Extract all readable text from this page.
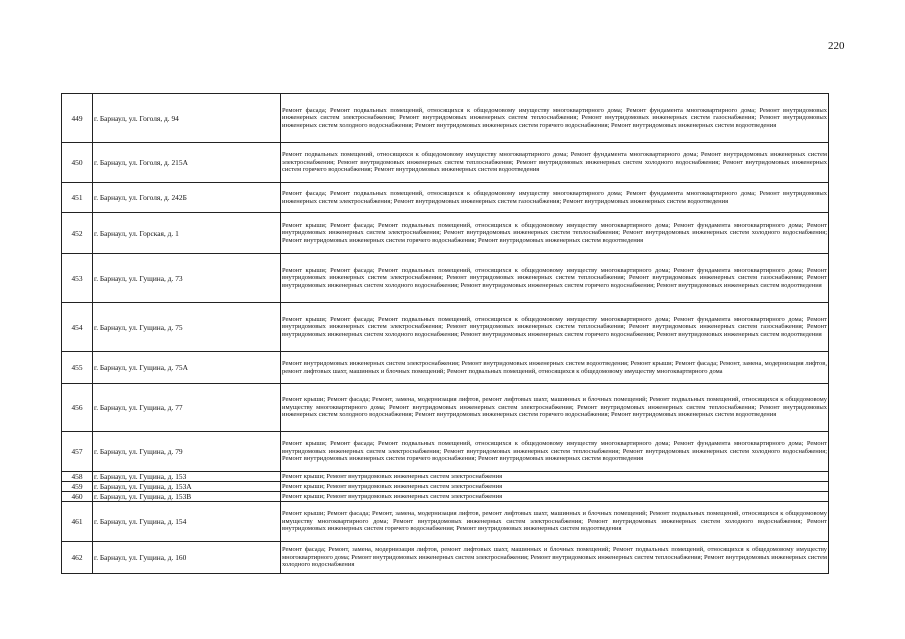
220
449	г. Барнаул, ул. Гоголя, д. 94	Ремонт фасада; Ремонт подвальных помещений, относящихся к общедомовому имуществу многоквартирного дома; Ремонт фундамента многоквартирного дома; Ремонт внутридомовых инженерных систем электроснабжения; Ремонт внутридомовых инженерных систем теплоснабжения; Ремонт внутридомовых инженерных систем газоснабжения; Ремонт внутридомовых инженерных систем холодного водоснабжения; Ремонт внутридомовых инженерных систем горячего водоснабжения; Ремонт внутридомовых инженерных систем водоотведения
450	г. Барнаул, ул. Гоголя, д. 215А	Ремонт подвальных помещений, относящихся к общедомовому имуществу многоквартирного дома; Ремонт фундамента многоквартирного дома; Ремонт внутридомовых инженерных систем электроснабжения; Ремонт внутридомовых инженерных систем теплоснабжения; Ремонт внутридомовых инженерных систем холодного водоснабжения; Ремонт внутридомовых инженерных систем горячего водоснабжения; Ремонт внутридомовых инженерных систем водоотведения
451	г. Барнаул, ул. Гоголя, д. 242Б	Ремонт фасада; Ремонт подвальных помещений, относящихся к общедомовому имуществу многоквартирного дома; Ремонт фундамента многоквартирного дома; Ремонт внутридомовых инженерных систем электроснабжения; Ремонт внутридомовых инженерных систем газоснабжения; Ремонт внутридомовых инженерных систем водоотведения
452	г. Барнаул, ул. Горская, д. 1	Ремонт крыши; Ремонт фасада; Ремонт подвальных помещений, относящихся к общедомовому имуществу многоквартирного дома; Ремонт фундамента многоквартирного дома; Ремонт внутридомовых инженерных систем электроснабжения; Ремонт внутридомовых инженерных систем теплоснабжения; Ремонт внутридомовых инженерных систем холодного водоснабжения; Ремонт внутридомовых инженерных систем горячего водоснабжения; Ремонт внутридомовых инженерных систем водоотведения
453	г. Барнаул, ул. Гущина, д. 73	Ремонт крыши; Ремонт фасада; Ремонт подвальных помещений, относящихся к общедомовому имуществу многоквартирного дома; Ремонт фундамента многоквартирного дома; Ремонт внутридомовых инженерных систем электроснабжения; Ремонт внутридомовых инженерных систем теплоснабжения; Ремонт внутридомовых инженерных систем газоснабжения; Ремонт внутридомовых инженерных систем холодного водоснабжения; Ремонт внутридомовых инженерных систем горячего водоснабжения; Ремонт внутридомовых инженерных систем водоотведения
454	г. Барнаул, ул. Гущина, д. 75	Ремонт крыши; Ремонт фасада; Ремонт подвальных помещений, относящихся к общедомовому имуществу многоквартирного дома; Ремонт фундамента многоквартирного дома; Ремонт внутридомовых инженерных систем электроснабжения; Ремонт внутридомовых инженерных систем теплоснабжения; Ремонт внутридомовых инженерных систем газоснабжения; Ремонт внутридомовых инженерных систем холодного водоснабжения; Ремонт внутридомовых инженерных систем горячего водоснабжения; Ремонт внутридомовых инженерных систем водоотведения
455	г. Барнаул, ул. Гущина, д. 75А	Ремонт внутридомовых инженерных систем электроснабжения; Ремонт внутридомовых инженерных систем водоотведения; Ремонт крыши; Ремонт фасада; Ремонт, замена, модернизация лифтов, ремонт лифтовых шахт, машинных и блочных помещений; Ремонт подвальных помещений, относящихся к общедомовому имуществу многоквартирного дома
456	г. Барнаул, ул. Гущина, д. 77	Ремонт крыши; Ремонт фасада; Ремонт, замена, модернизация лифтов, ремонт лифтовых шахт, машинных и блочных помещений; Ремонт подвальных помещений, относящихся к общедомовому имуществу многоквартирного дома; Ремонт внутридомовых инженерных систем электроснабжения; Ремонт внутридомовых инженерных систем теплоснабжения; Ремонт внутридомовых инженерных систем холодного водоснабжения; Ремонт внутридомовых инженерных систем горячего водоснабжения; Ремонт внутридомовых инженерных систем водоотведения
457	г. Барнаул, ул. Гущина, д. 79	Ремонт крыши; Ремонт фасада; Ремонт подвальных помещений, относящихся к общедомовому имуществу многоквартирного дома; Ремонт фундамента многоквартирного дома; Ремонт внутридомовых инженерных систем электроснабжения; Ремонт внутридомовых инженерных систем теплоснабжения; Ремонт внутридомовых инженерных систем холодного водоснабжения; Ремонт внутридомовых инженерных систем горячего водоснабжения; Ремонт внутридомовых инженерных систем водоотведения
458	г. Барнаул, ул. Гущина, д. 153	Ремонт крыши; Ремонт внутридомовых инженерных систем электроснабжения
459	г. Барнаул, ул. Гущина, д. 153А	Ремонт крыши; Ремонт внутридомовых инженерных систем электроснабжения
460	г. Барнаул, ул. Гущина, д. 153В	Ремонт крыши; Ремонт внутридомовых инженерных систем электроснабжения
461	г. Барнаул, ул. Гущина, д. 154	Ремонт крыши; Ремонт фасада; Ремонт, замена, модернизация лифтов, ремонт лифтовых шахт, машинных и блочных помещений; Ремонт подвальных помещений, относящихся к общедомовому имуществу многоквартирного дома; Ремонт внутридомовых инженерных систем электроснабжения; Ремонт внутридомовых инженерных систем холодного водоснабжения; Ремонт внутридомовых инженерных систем горячего водоснабжения; Ремонт внутридомовых инженерных систем водоотведения
462	г. Барнаул, ул. Гущина, д. 160	Ремонт фасада; Ремонт, замена, модернизация лифтов, ремонт лифтовых шахт, машинных и блочных помещений; Ремонт подвальных помещений, относящихся к общедомовому имуществу многоквартирного дома; Ремонт внутридомовых инженерных систем электроснабжения; Ремонт внутридомовых инженерных систем теплоснабжения; Ремонт внутридомовых инженерных систем холодного водоснабжения
